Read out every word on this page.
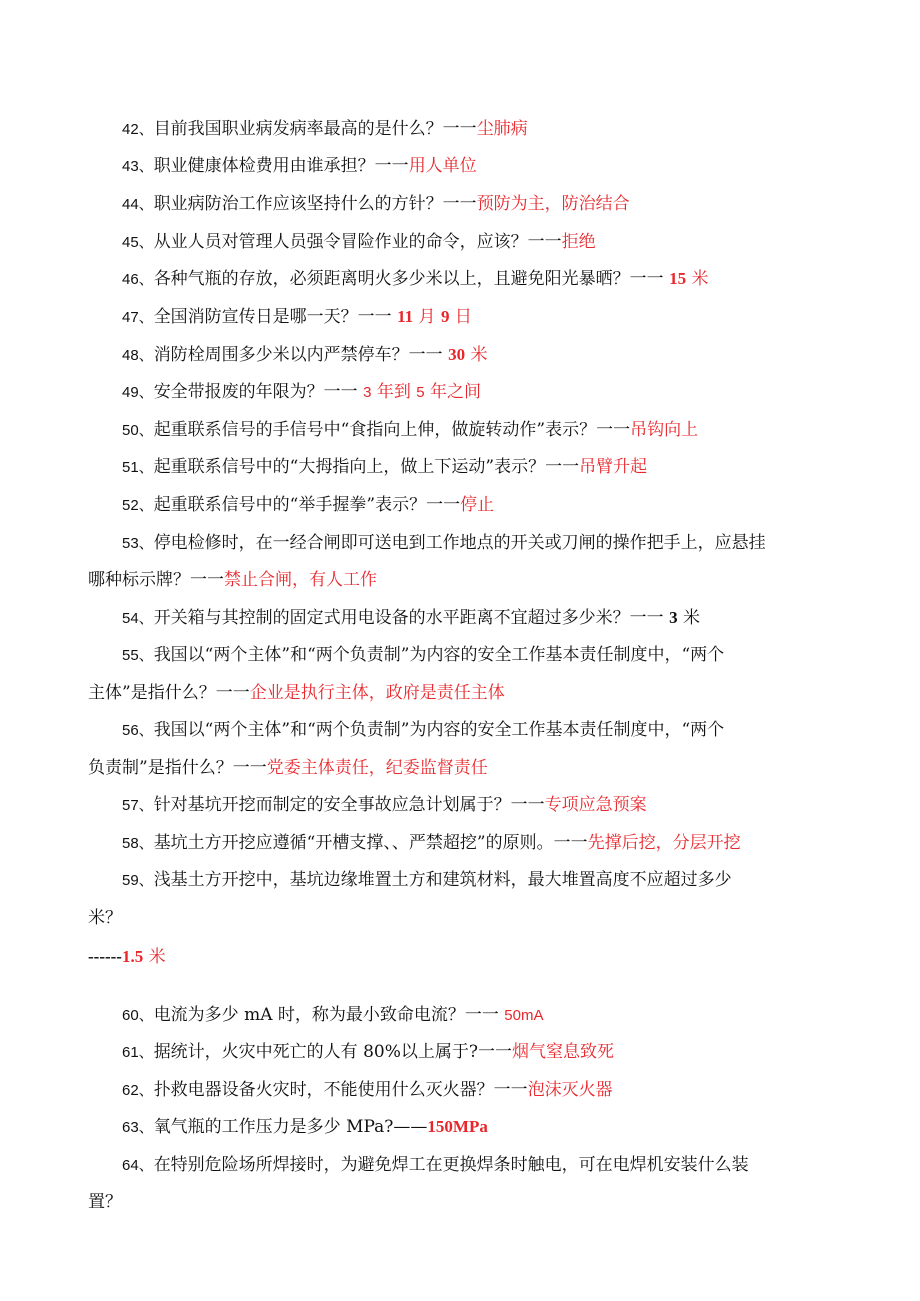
42、目前我国职业病发病率最高的是什么？一一尘肺病
43、职业健康体检费用由谁承担？一一用人单位
44、职业病防治工作应该坚持什么的方针？一一预防为主，防治结合
45、从业人员对管理人员强令冒险作业的命令，应该？一一拒绝
46、各种气瓶的存放，必须距离明火多少米以上，且避免阳光暴晒？一一 15 米
47、全国消防宣传日是哪一天？一一 11 月 9 日
48、消防栓周围多少米以内严禁停车？一一 30 米
49、安全带报废的年限为？一一 3 年到 5 年之间
50、起重联系信号的手信号中“食指向上伸，做旋转动作”表示？一一吊钩向上
51、起重联系信号中的“大拇指向上，做上下运动”表示？一一吊臂升起
52、起重联系信号中的“举手握拳”表示？一一停止
53、停电检修时，在一经合闸即可送电到工作地点的开关或刀闸的操作把手上，应悬挂
哪种标示牌？一一禁止合闸，有人工作
54、开关箱与其控制的固定式用电设备的水平距离不宜超过多少米？一一 3 米
55、我国以“两个主体”和“两个负责制”为内容的安全工作基本责任制度中，“两个
主体”是指什么？一一企业是执行主体，政府是责任主体
56、我国以“两个主体”和“两个负责制”为内容的安全工作基本责任制度中，“两个
负责制”是指什么？一一党委主体责任，纪委监督责任
57、针对基坑开挖而制定的安全事故应急计划属于？一一专项应急预案
58、基坑土方开挖应遵循“开槽支撑、、严禁超挖”的原则。一一先撑后挖，分层开挖
59、浅基土方开挖中，基坑边缘堆置土方和建筑材料，最大堆置高度不应超过多少
米？
------1.5 米
60、电流为多少 mA 时，称为最小致命电流？一一 50mA
61、据统计，火灾中死亡的人有 80%以上属于?一一烟气窒息致死
62、扑救电器设备火灾时，不能使用什么灭火器？一一泡沫灭火器
63、氧气瓶的工作压力是多少 MPa?——150MPa
64、在特别危险场所焊接时，为避免焊工在更换焊条时触电，可在电焊机安装什么装
置？
